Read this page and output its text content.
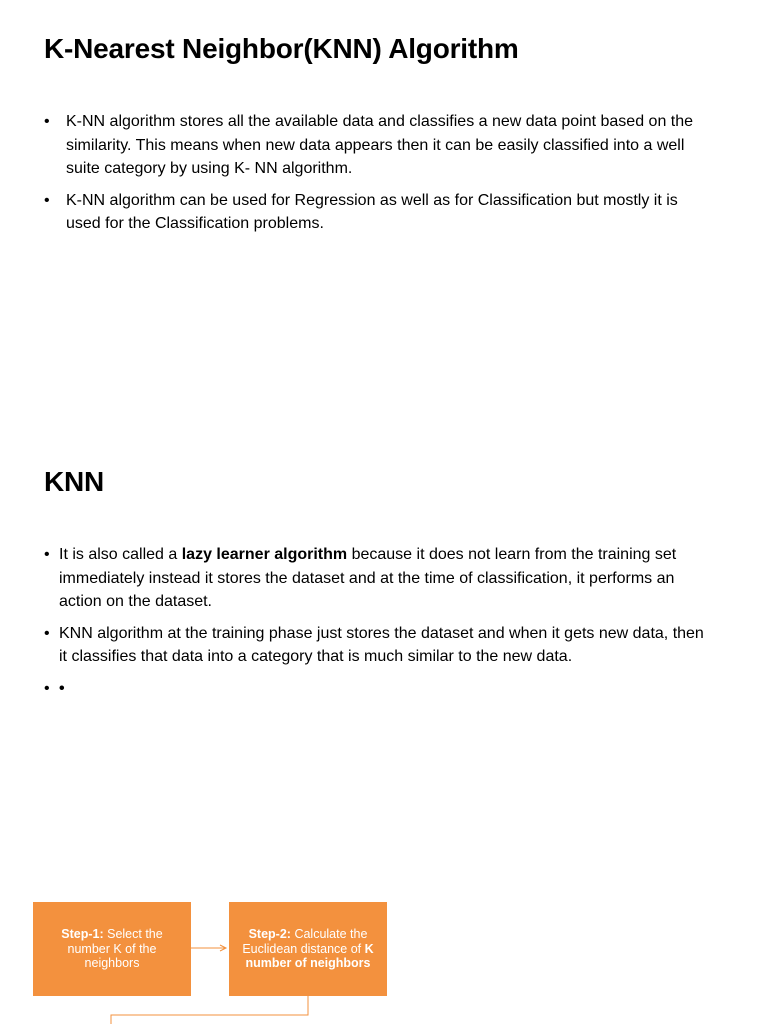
K-Nearest Neighbor(KNN) Algorithm
• K-NN algorithm stores all the available data and classifies a new data point based on the similarity. This means when new data appears then it can be easily classified into a well suite category by using K- NN algorithm.
• K-NN algorithm can be used for Regression as well as for Classification but mostly it is used for the Classification problems.
KNN
• It is also called a lazy learner algorithm because it does not learn from the training set immediately instead it stores the dataset and at the time of classification, it performs an action on the dataset.
• KNN algorithm at the training phase just stores the dataset and when it gets new data, then it classifies that data into a category that is much similar to the new data.
• •
Step-1: Select the number K of the neighbors
Step-2: Calculate the Euclidean distance of K number of neighbors
